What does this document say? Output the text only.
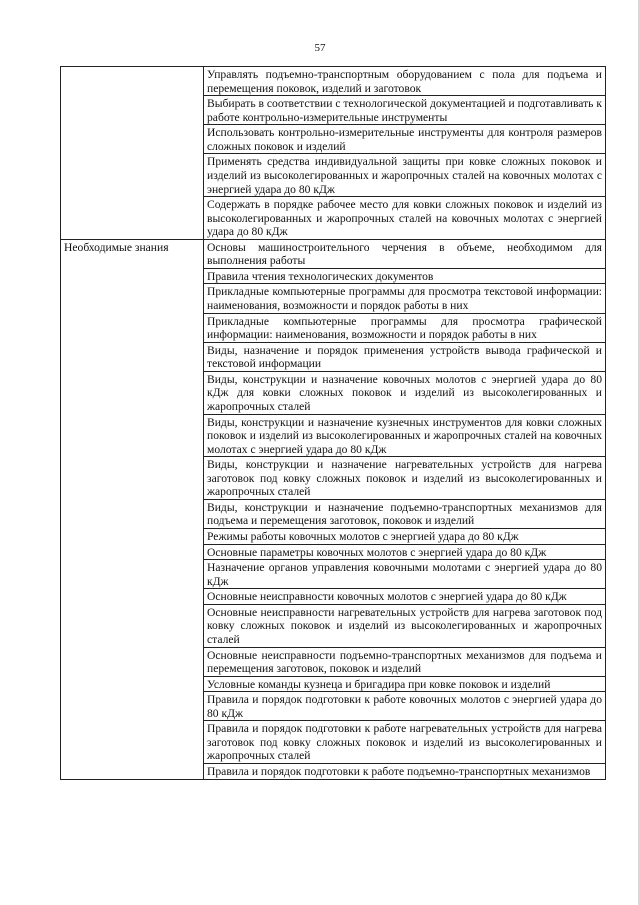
57
	Управлять подъемно-транспортным оборудованием с пола для подъема и перемещения поковок, изделий и заготовок
	Выбирать в соответствии с технологической документацией и подготавливать к работе контрольно-измерительные инструменты
	Использовать контрольно-измерительные инструменты для контроля размеров сложных поковок и изделий
	Применять средства индивидуальной защиты при ковке сложных поковок и изделий из высоколегированных и жаропрочных сталей на ковочных молотах с энергией удара до 80 кДж
	Содержать в порядке рабочее место для ковки сложных поковок и изделий из высоколегированных и жаропрочных сталей на ковочных молотах с энергией удара до 80 кДж
Необходимые знания	Основы машиностроительного черчения в объеме, необходимом для выполнения работы
	Правила чтения технологических документов
	Прикладные компьютерные программы для просмотра текстовой информации: наименования, возможности и порядок работы в них
	Прикладные компьютерные программы для просмотра графической информации: наименования, возможности и порядок работы в них
	Виды, назначение и порядок применения устройств вывода графической и текстовой информации
	Виды, конструкции и назначение ковочных молотов с энергией удара до 80 кДж для ковки сложных поковок и изделий из высоколегированных и жаропрочных сталей
	Виды, конструкции и назначение кузнечных инструментов для ковки сложных поковок и изделий из высоколегированных и жаропрочных сталей на ковочных молотах с энергией удара до 80 кДж
	Виды, конструкции и назначение нагревательных устройств для нагрева заготовок под ковку сложных поковок и изделий из высоколегированных и жаропрочных сталей
	Виды, конструкции и назначение подъемно-транспортных механизмов для подъема и перемещения заготовок, поковок и изделий
	Режимы работы ковочных молотов с энергией удара до 80 кДж
	Основные параметры ковочных молотов с энергией удара до 80 кДж
	Назначение органов управления ковочными молотами с энергией удара до 80 кДж
	Основные неисправности ковочных молотов с энергией удара до 80 кДж
	Основные неисправности нагревательных устройств для нагрева заготовок под ковку сложных поковок и изделий из высоколегированных и жаропрочных сталей
	Основные неисправности подъемно-транспортных механизмов для подъема и перемещения заготовок, поковок и изделий
	Условные команды кузнеца и бригадира при ковке поковок и изделий
	Правила и порядок подготовки к работе ковочных молотов с энергией удара до 80 кДж
	Правила и порядок подготовки к работе нагревательных устройств для нагрева заготовок под ковку сложных поковок и изделий из высоколегированных и жаропрочных сталей
	Правила и порядок подготовки к работе подъемно-транспортных механизмов
